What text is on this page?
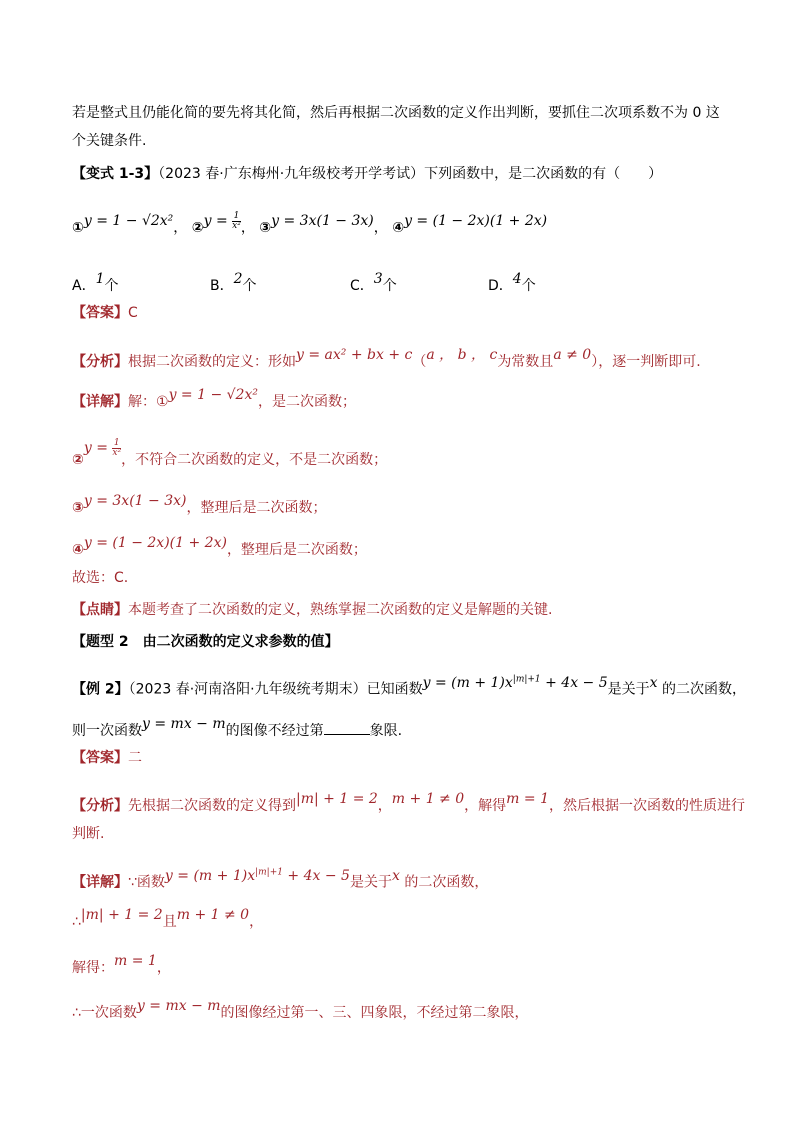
若是整式且仍能化简的要先将其化简，然后再根据二次函数的定义作出判断，要抓住二次项系数不为 0 这
个关键条件.
【变式 1-3】（2023 春·广东梅州·九年级校考开学考试）下列函数中，是二次函数的有（　　）
①y = 1 − √2x²， ②y = $\frac{1}{\text{x²}}$ ， ③y = 3x(1 − 3x)， ④y = (1 − 2x)(1 + 2x)
A．1个	B．2个	C．3个	D．4个
【答案】C
【分析】根据二次函数的定义：形如y = ax² + bx + c（a ， b ， c为常数且a ≠ 0），逐一判断即可.
【详解】解：①y = 1 − √2x²，是二次函数；
②y = $\frac{1}{\text{x²}}$
，不符合二次函数的定义，不是二次函数；
③y = 3x(1 − 3x)，整理后是二次函数；
④y = (1 − 2x)(1 + 2x)，整理后是二次函数；
故选：C.
【点睛】本题考查了二次函数的定义，熟练掌握二次函数的定义是解题的关键.
【题型 2　由二次函数的定义求参数的值】
【例 2】（2023 春·河南洛阳·九年级统考期末）已知函数$y = (m + 1)x^{|m|+1} + 4x - 5$是关于x 的二次函数，
则一次函数y = mx − m的图像不经过第	象限.
【答案】二
【分析】先根据二次函数的定义得到|m| + 1 = 2，m + 1 ≠ 0，解得m = 1，然后根据一次函数的性质进行
判断.
【详解】∵函数$y = (m + 1)x^{|m|+1} + 4x - 5$是关于x 的二次函数，
∴|m| + 1 = 2且m + 1 ≠ 0，
解得：m = 1，
∴一次函数y = mx − m的图像经过第一、三、四象限，不经过第二象限，
